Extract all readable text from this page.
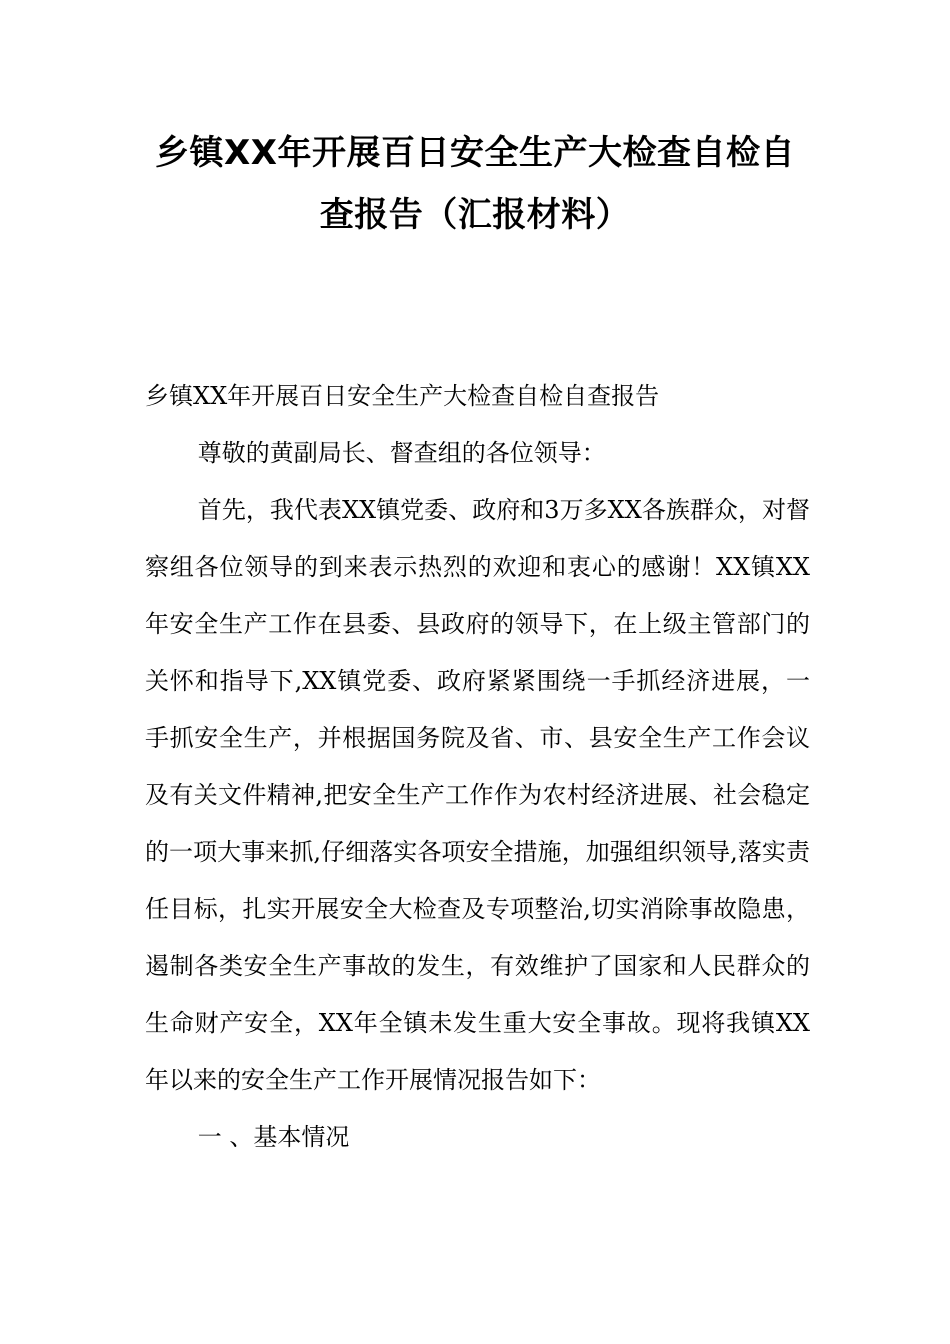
乡镇XX年开展百日安全生产大检查自检自
查报告（汇报材料）

乡镇XX年开展百日安全生产大检查自检自查报告

尊敬的黄副局长、督查组的各位领导：

首先，我代表XX镇党委、政府和3万多XX各族群众，对督察组各位领导的到来表示热烈的欢迎和衷心的感谢！XX镇XX年安全生产工作在县委、县政府的领导下，在上级主管部门的关怀和指导下,XX镇党委、政府紧紧围绕一手抓经济进展，一手抓安全生产，并根据国务院及省、市、县安全生产工作会议及有关文件精神,把安全生产工作作为农村经济进展、社会稳定的一项大事来抓,仔细落实各项安全措施，加强组织领导,落实责任目标，扎实开展安全大检查及专项整治,切实消除事故隐患，遏制各类安全生产事故的发生，有效维护了国家和人民群众的生命财产安全，XX年全镇未发生重大安全事故。现将我镇XX年以来的安全生产工作开展情况报告如下：

一 、基本情况
